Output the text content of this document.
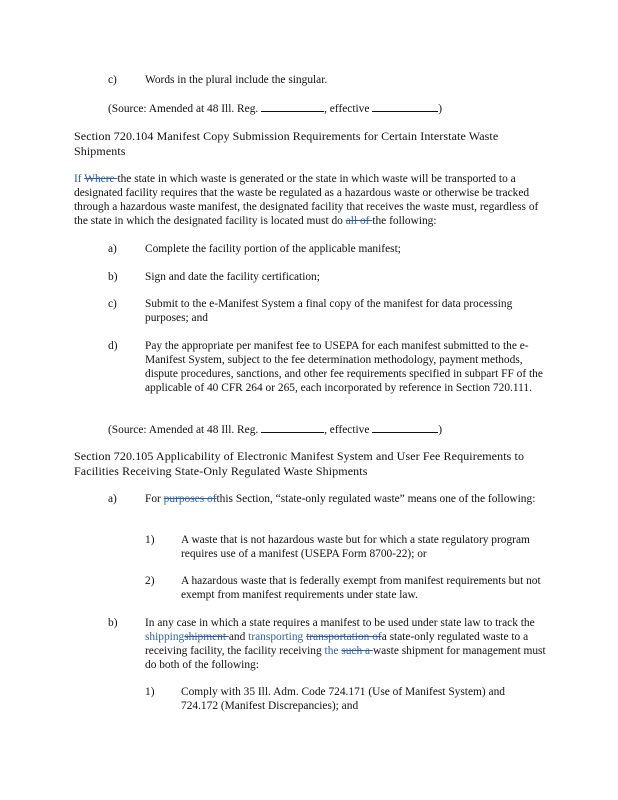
c) Words in the plural include the singular.
(Source: Amended at 48 Ill. Reg.	, effective	)
Section 720.104 Manifest Copy Submission Requirements for Certain Interstate Waste
Shipments
If Where the state in which waste is generated or the state in which waste will be transported to a designated facility requires that the waste be regulated as a hazardous waste or otherwise be tracked through a hazardous waste manifest, the designated facility that receives the waste must, regardless of the state in which the designated facility is located must do all of the following:
a) Complete the facility portion of the applicable manifest;
b) Sign and date the facility certification;
c) Submit to the e-Manifest System a final copy of the manifest for data processing purposes; and
d) Pay the appropriate per manifest fee to USEPA for each manifest submitted to the e-Manifest System, subject to the fee determination methodology, payment methods, dispute procedures, sanctions, and other fee requirements specified in subpart FF of the applicable of 40 CFR 264 or 265, each incorporated by reference in Section 720.111.
(Source: Amended at 48 Ill. Reg.	, effective	)
Section 720.105 Applicability of Electronic Manifest System and User Fee Requirements to
Facilities Receiving State-Only Regulated Waste Shipments
a) For purposes ofthis Section, “state-only regulated waste” means one of the following:
1) A waste that is not hazardous waste but for which a state regulatory program requires use of a manifest (USEPA Form 8700-22); or
2) A hazardous waste that is federally exempt from manifest requirements but not exempt from manifest requirements under state law.
b) In any case in which a state requires a manifest to be used under state law to track the shippingshipment and transporting transportation ofa state-only regulated waste to a receiving facility, the facility receiving the such a waste shipment for management must do both of the following:
1) Comply with 35 Ill. Adm. Code 724.171 (Use of Manifest System) and 724.172 (Manifest Discrepancies); and
